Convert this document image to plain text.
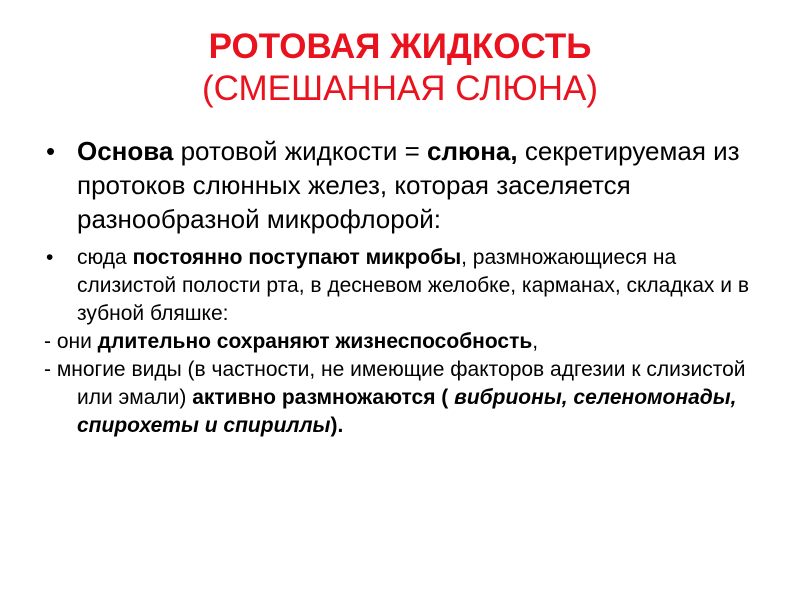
РОТОВАЯ ЖИДКОСТЬ

(СМЕШАННАЯ СЛЮНА)

• Основа ротовой жидкости = слюна, секретируемая из протоков слюнных желез, которая заселяется разнообразной микрофлорой:
• сюда постоянно поступают микробы, размножающиеся на слизистой полости рта, в десневом желобке, карманах, складках и в зубной бляшке:
- они длительно сохраняют жизнеспособность,
- многие виды (в частности, не имеющие факторов адгезии к слизистой или эмали) активно размножаются ( вибрионы, селеномонады, спирохеты и спириллы).
